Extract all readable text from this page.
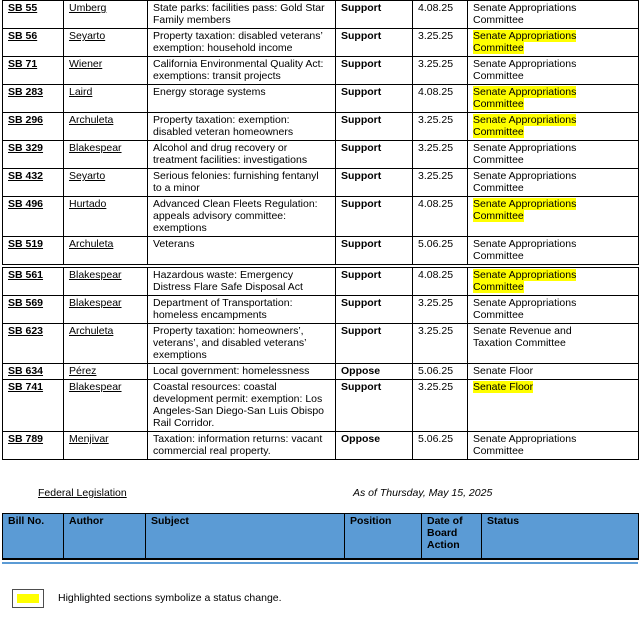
SB 55	Umberg	State parks: facilities pass: Gold Star Family members	Support	4.08.25	Senate Appropriations Committee
SB 56	Seyarto	Property taxation: disabled veterans’ exemption: household income	Support	3.25.25	Senate Appropriations Committee
SB 71	Wiener	California Environmental Quality Act: exemptions: transit projects	Support	3.25.25	Senate Appropriations Committee
SB 283	Laird	Energy storage systems	Support	4.08.25	Senate Appropriations Committee
SB 296	Archuleta	Property taxation: exemption: disabled veteran homeowners	Support	3.25.25	Senate Appropriations Committee
SB 329	Blakespear	Alcohol and drug recovery or treatment facilities: investigations	Support	3.25.25	Senate Appropriations Committee
SB 432	Seyarto	Serious felonies: furnishing fentanyl to a minor	Support	3.25.25	Senate Appropriations Committee
SB 496	Hurtado	Advanced Clean Fleets Regulation: appeals advisory committee: exemptions	Support	4.08.25	Senate Appropriations Committee
SB 519	Archuleta	Veterans	Support	5.06.25	Senate Appropriations Committee
SB 561	Blakespear	Hazardous waste: Emergency Distress Flare Safe Disposal Act	Support	4.08.25	Senate Appropriations Committee
SB 569	Blakespear	Department of Transportation: homeless encampments	Support	3.25.25	Senate Appropriations Committee
SB 623	Archuleta	Property taxation: homeowners’, veterans’, and disabled veterans’ exemptions	Support	3.25.25	Senate Revenue and Taxation Committee
SB 634	Pérez	Local government: homelessness	Oppose	5.06.25	Senate Floor
SB 741	Blakespear	Coastal resources: coastal development permit: exemption: Los Angeles-San Diego-San Luis Obispo Rail Corridor.	Support	3.25.25	Senate Floor
SB 789	Menjivar	Taxation: information returns: vacant commercial real property.	Oppose	5.06.25	Senate Appropriations Committee
Federal Legislation	As of Thursday, May 15, 2025
Bill No.	Author	Subject	Position	Date of Board Action	Status
Highlighted sections symbolize a status change.
